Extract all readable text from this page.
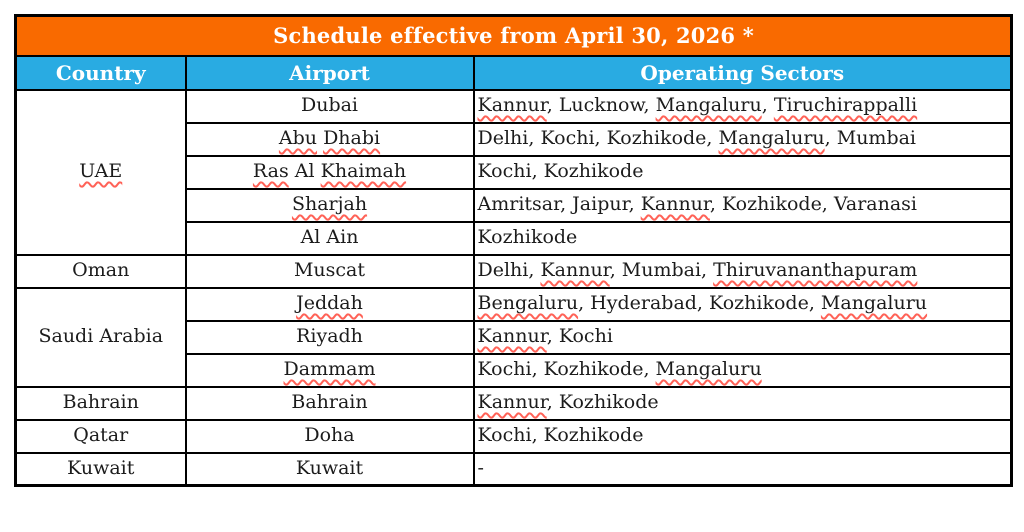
Schedule effective from April 30, 2026 *		
Country	Airport	Operating Sectors
UAE	Dubai	Kannur, Lucknow, Mangaluru, Tiruchirappalli
	Abu Dhabi	Delhi, Kochi, Kozhikode, Mangaluru, Mumbai
	Ras Al Khaimah	Kochi, Kozhikode
	Sharjah	Amritsar, Jaipur, Kannur, Kozhikode, Varanasi
	Al Ain	Kozhikode
Oman	Muscat	Delhi, Kannur, Mumbai, Thiruvananthapuram
Saudi Arabia	Jeddah	Bengaluru, Hyderabad, Kozhikode, Mangaluru
	Riyadh	Kannur, Kochi
	Dammam	Kochi, Kozhikode, Mangaluru
Bahrain	Bahrain	Kannur, Kozhikode
Qatar	Doha	Kochi, Kozhikode
Kuwait	Kuwait	-
